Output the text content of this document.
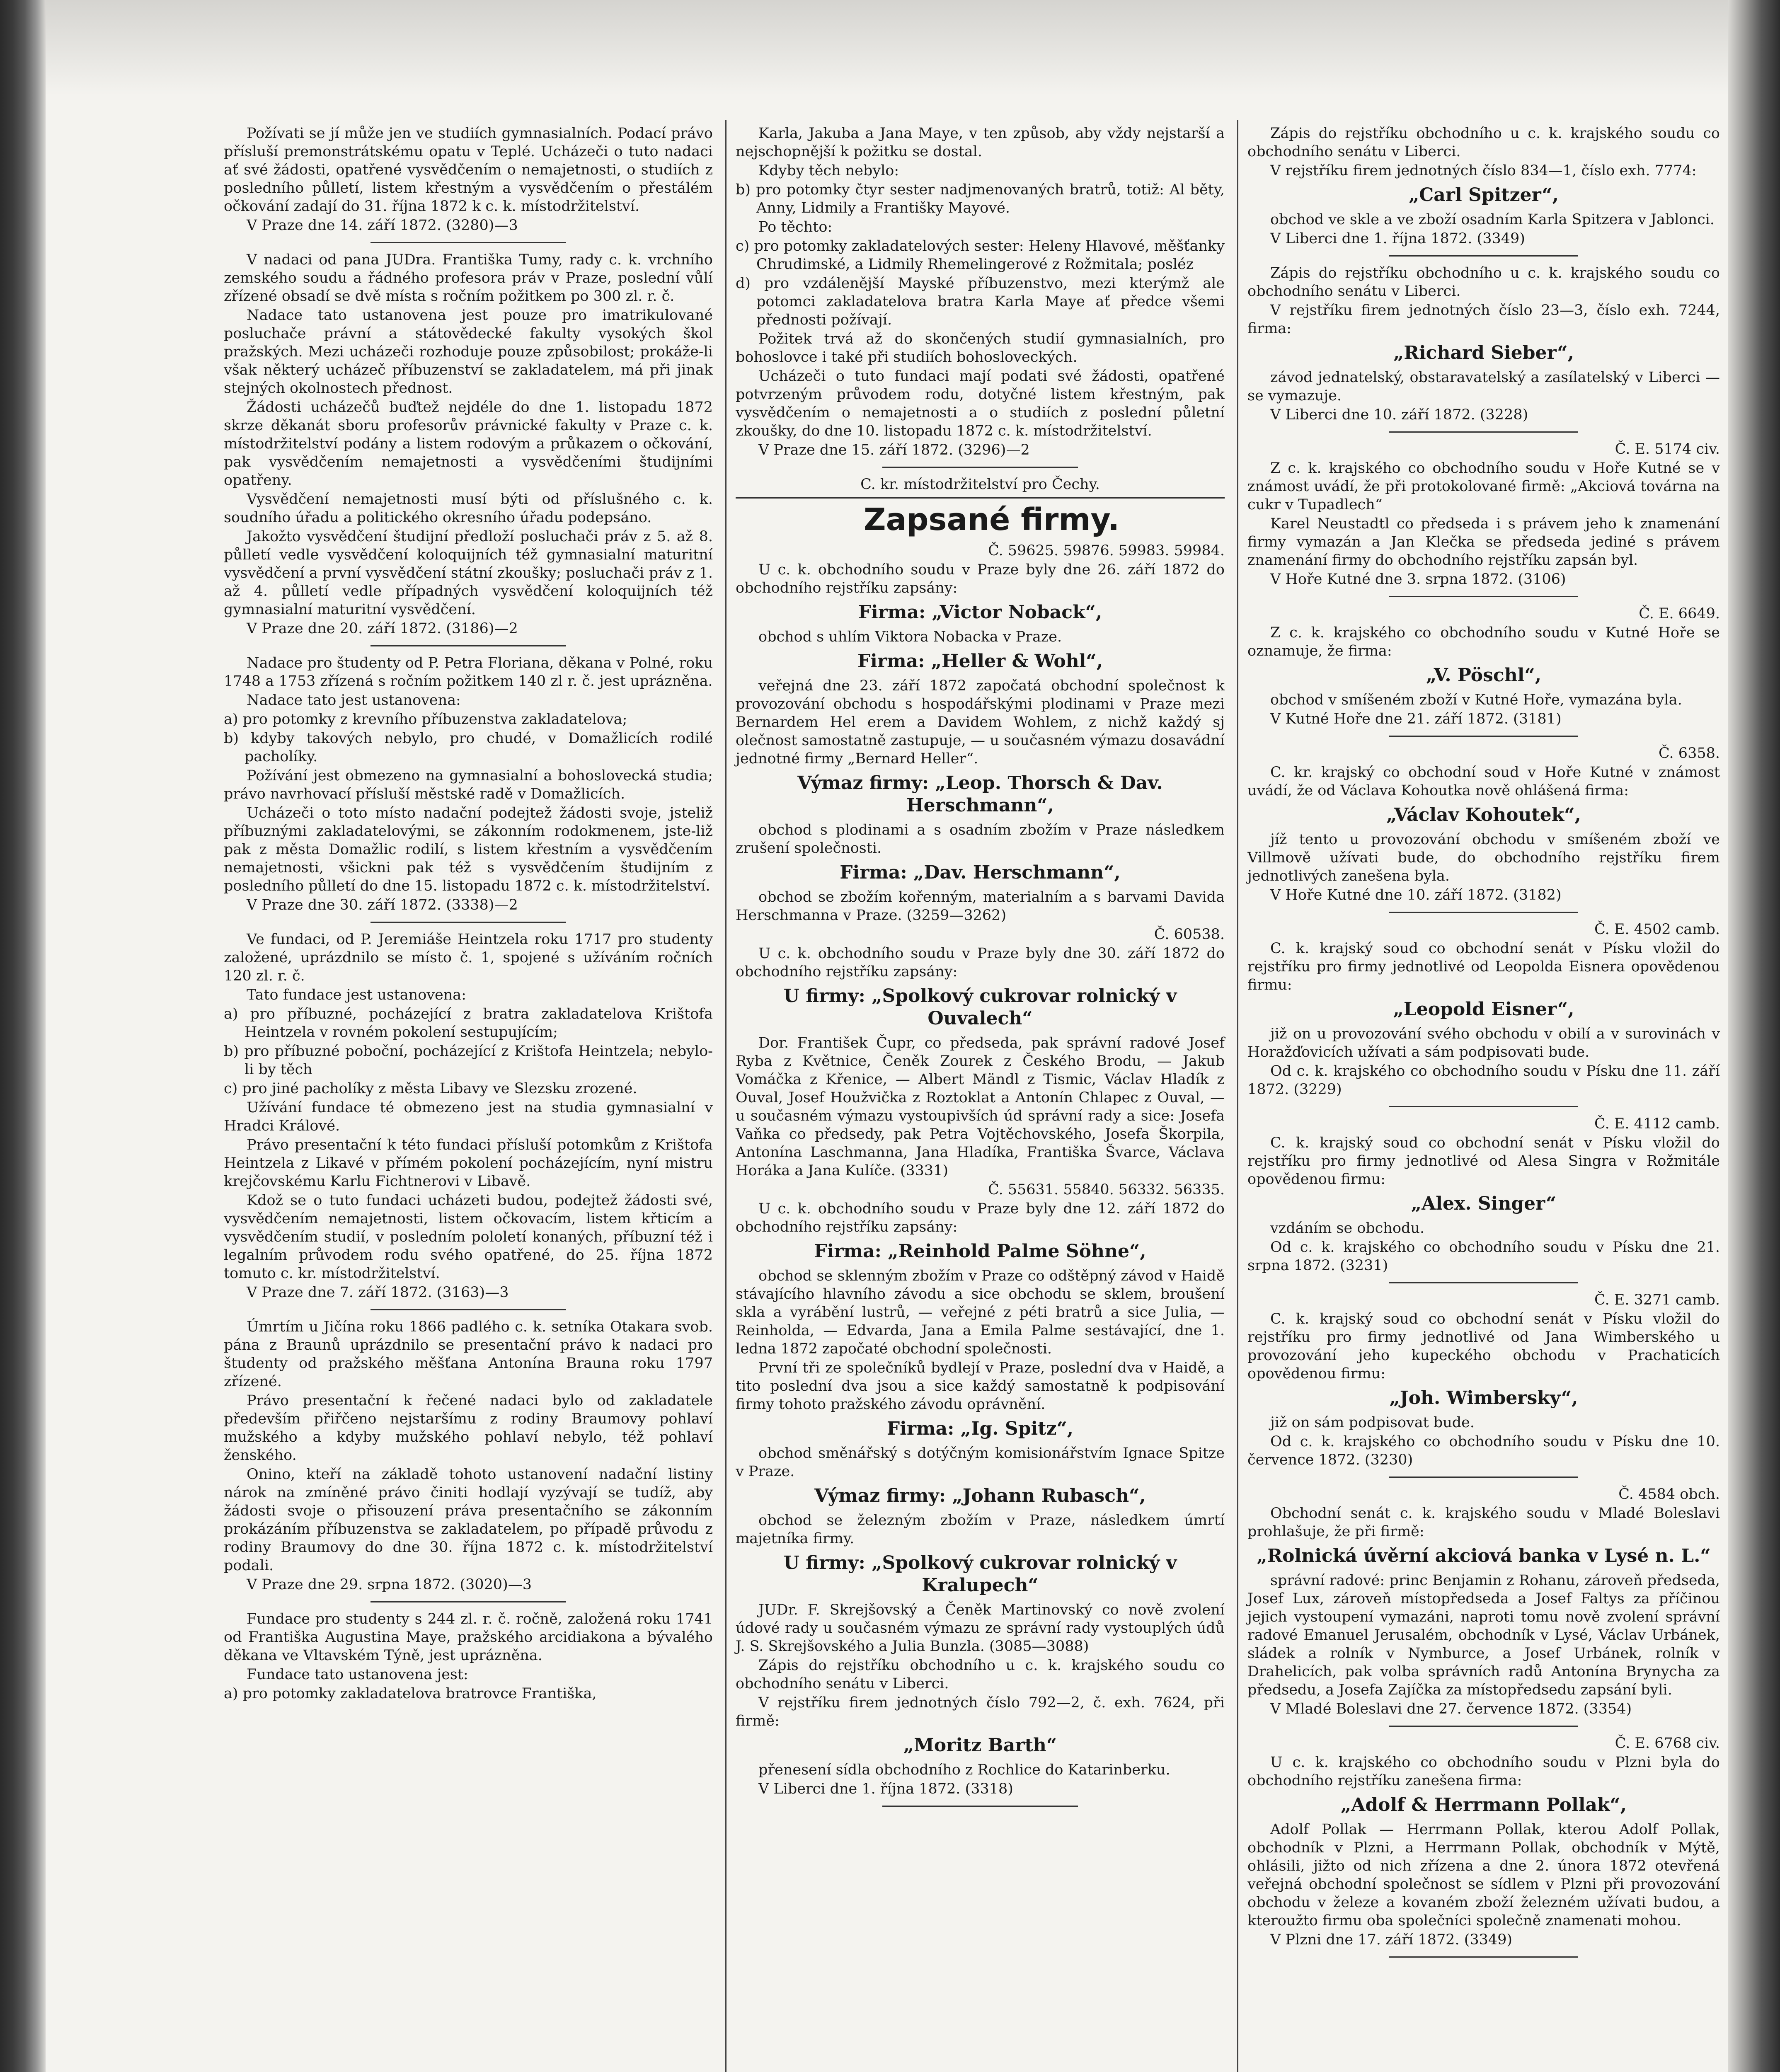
Požívati se jí může jen ve studiích gymnasialních. Podací právo přísluší premonstrátskému opatu v Teplé. Ucházeči o tuto nadaci ať své žádosti, opatřené vysvědčením o nemajetnosti, o studiích z posledního půlletí, listem křestným a vysvědčením o přestálém očkování zadají do 31. října 1872 k c. k. místodržitelství.

V Praze dne 14. září 1872. (3280)—3

V nadaci od pana JUDra. Františka Tumy, rady c. k. vrchního zemského soudu a řádného profesora práv v Praze, poslední vůlí zřízené obsadí se dvě místa s ročním požitkem po 300 zl. r. č.

Nadace tato ustanovena jest pouze pro imatrikulované posluchače právní a státovědecké fakulty vysokých škol pražských. Mezi ucházeči rozhoduje pouze způsobilost; prokáže-li však některý ucházeč příbuzenství se zakladatelem, má při jinak stejných okolnostech přednost.

Žádosti ucházečů buďtež nejdéle do dne 1. listopadu 1872 skrze děkanát sboru profesorův právnické fakulty v Praze c. k. místodržitelství podány a listem rodovým a průkazem o očkování, pak vysvědčením nemajetnosti a vysvědčeními študijními opatřeny.

Vysvědčení nemajetnosti musí býti od příslušného c. k. soudního úřadu a politického okresního úřadu podepsáno.

Jakožto vysvědčení študijní předloží posluchači práv z 5. až 8. půlletí vedle vysvědčení koloquijních též gymnasialní maturitní vysvědčení a první vysvědčení státní zkoušky; posluchači práv z 1. až 4. půlletí vedle případných vysvědčení koloquijních též gymnasialní maturitní vysvědčení.

V Praze dne 20. září 1872. (3186)—2

Nadace pro študenty od P. Petra Floriana, děkana v Polné, roku 1748 a 1753 zřízená s ročním požitkem 140 zl r. č. jest uprázněna.

Nadace tato jest ustanovena:

a) pro potomky z krevního příbuzenstva zakladatelova;

b) kdyby takových nebylo, pro chudé, v Domažlicích rodilé pacholíky.

Požívání jest obmezeno na gymnasialní a bohoslovecká studia; právo navrhovací přísluší městské radě v Domažlicích.

Ucházeči o toto místo nadační podejtež žádosti svoje, jsteliž příbuznými zakladatelovými, se zákonním rodokmenem, jste-liž pak z města Domažlic rodilí, s listem křestním a vysvědčením nemajetnosti, všickni pak též s vysvědčením študijním z posledního půlletí do dne 15. listopadu 1872 c. k. místodržitelství.

V Praze dne 30. září 1872. (3338)—2

Ve fundaci, od P. Jeremiáše Heintzela roku 1717 pro studenty založené, uprázdnilo se místo č. 1, spojené s užíváním ročních 120 zl. r. č.

Tato fundace jest ustanovena:

a) pro příbuzné, pocházející z bratra zakladatelova Krištofa Heintzela v rovném pokolení sestupujícím;

b) pro příbuzné poboční, pocházející z Krištofa Heintzela; nebylo-li by těch

c) pro jiné pacholíky z města Libavy ve Slezsku zrozené.

Užívání fundace té obmezeno jest na studia gymnasialní v Hradci Králové.

Právo presentační k této fundaci přísluší potomkům z Krištofa Heintzela z Likavé v přímém pokolení pocházejícím, nyní mistru krejčovskému Karlu Fichtnerovi v Libavě.

Kdož se o tuto fundaci ucházeti budou, podejtež žádosti své, vysvědčením nemajetnosti, listem očkovacím, listem křticím a vysvědčením studií, v posledním pololetí konaných, příbuzní též i legalním průvodem rodu svého opatřené, do 25. října 1872 tomuto c. kr. místodržitelství.

V Praze dne 7. září 1872. (3163)—3

Úmrtím u Jičína roku 1866 padlého c. k. setníka Otakara svob. pána z Braunů uprázdnilo se presentační právo k nadaci pro študenty od pražského měšťana Antonína Brauna roku 1797 zřízené.

Právo presentační k řečené nadaci bylo od zakladatele především přiřčeno nejstaršímu z rodiny Braumovy pohlaví mužského a kdyby mužského pohlaví nebylo, též pohlaví ženského.

Onino, kteří na základě tohoto ustanovení nadační listiny nárok na zmíněné právo činiti hodlají vyzývají se tudíž, aby žádosti svoje o přisouzení práva presentačního se zákonním prokázáním příbuzenstva se zakladatelem, po případě průvodu z rodiny Braumovy do dne 30. října 1872 c. k. místodržitelství podali.

V Praze dne 29. srpna 1872. (3020)—3

Fundace pro studenty s 244 zl. r. č. ročně, založená roku 1741 od Františka Augustina Maye, pražského arcidiakona a bývalého děkana ve Vltavském Týně, jest uprázněna.

Fundace tato ustanovena jest:

a) pro potomky zakladatelova bratrovce Františka,

Karla, Jakuba a Jana Maye, v ten způsob, aby vždy nejstarší a nejschopnější k požitku se dostal.

Kdyby těch nebylo:

b) pro potomky čtyr sester nadjmenovaných bratrů, totiž: Al běty, Anny, Lidmily a Františky Mayové.

Po těchto:

c) pro potomky zakladatelových sester: Heleny Hlavové, měšťanky Chrudimské, a Lidmily Rhemelingerové z Rožmitala; posléz

d) pro vzdálenější Mayské příbuzenstvo, mezi kterýmž ale potomci zakladatelova bratra Karla Maye ať předce všemi přednosti požívají.

Požitek trvá až do skončených studií gymnasialních, pro bohoslovce i také při studiích bohosloveckých.

Ucházeči o tuto fundaci mají podati své žádosti, opatřené potvrzeným průvodem rodu, dotyčné listem křestným, pak vysvědčením o nemajetnosti a o studiích z poslední půletní zkoušky, do dne 10. listopadu 1872 c. k. místodržitelství.

V Praze dne 15. září 1872. (3296)—2

C. kr. místodržitelství pro Čechy.

Zapsané firmy.

Č. 59625. 59876. 59983. 59984.

U c. k. obchodního soudu v Praze byly dne 26. září 1872 do obchodního rejstříku zapsány:

Firma: „Victor Noback“,

obchod s uhlím Viktora Nobacka v Praze.

Firma: „Heller & Wohl“,

veřejná dne 23. září 1872 započatá obchodní společnost k provozování obchodu s hospodářskými plodinami v Praze mezi Bernardem Hel erem a Davidem Wohlem, z nichž každý sj olečnost samostatně zastupuje, — u současném výmazu dosavádní jednotné firmy „Bernard Heller“.

Výmaz firmy: „Leop. Thorsch & Dav. Herschmann“,

obchod s plodinami a s osadním zbožím v Praze následkem zrušení společnosti.

Firma: „Dav. Herschmann“,

obchod se zbožím kořenným, materialním a s barvami Davida Herschmanna v Praze. (3259—3262)

Č. 60538.

U c. k. obchodního soudu v Praze byly dne 30. září 1872 do obchodního rejstříku zapsány:

U firmy: „Spolkový cukrovar rolnický v Ouvalech“

Dor. František Čupr, co předseda, pak správní radové Josef Ryba z Květnice, Čeněk Zourek z Českého Brodu, — Jakub Vomáčka z Křenice, — Albert Mändl z Tismic, Václav Hladík z Ouval, Josef Houžvička z Roztoklat a Antonín Chlapec z Ouval, — u současném výmazu vystoupivších úd správní rady a sice: Josefa Vaňka co předsedy, pak Petra Vojtěchovského, Josefa Škorpila, Antonína Laschmanna, Jana Hladíka, Františka Švarce, Václava Horáka a Jana Kulíče. (3331)

Č. 55631. 55840. 56332. 56335.

U c. k. obchodního soudu v Praze byly dne 12. září 1872 do obchodního rejstříku zapsány:

Firma: „Reinhold Palme Söhne“,

obchod se sklenným zbožím v Praze co odštěpný závod v Haidě stávajícího hlavního závodu a sice obchodu se sklem, broušení skla a vyrábění lustrů, — veřejné z péti bratrů a sice Julia, — Reinholda, — Edvarda, Jana a Emila Palme sestávající, dne 1. ledna 1872 započaté obchodní společnosti.

První tři ze společníků bydlejí v Praze, poslední dva v Haidě, a tito poslední dva jsou a sice každý samostatně k podpisování firmy tohoto pražského závodu oprávnění.

Firma: „Ig. Spitz“,

obchod směnářský s dotýčným komisionářstvím Ignace Spitze v Praze.

Výmaz firmy: „Johann Rubasch“,

obchod se železným zbožím v Praze, následkem úmrtí majetníka firmy.

U firmy: „Spolkový cukrovar rolnický v Kralupech“

JUDr. F. Skrejšovský a Čeněk Martinovský co nově zvolení údové rady u současném výmazu ze správní rady vystouplých údů J. S. Skrejšovského a Julia Bunzla. (3085—3088)

Zápis do rejstříku obchodního u c. k. krajského soudu co obchodního senátu v Liberci.

V rejstříku firem jednotných číslo 792—2, č. exh. 7624, při firmě:

„Moritz Barth“

přenesení sídla obchodního z Rochlice do Katarinberku.

V Liberci dne 1. října 1872. (3318)

Zápis do rejstříku obchodního u c. k. krajského soudu co obchodního senátu v Liberci.

V rejstříku firem jednotných číslo 834—1, číslo exh. 7774:

„Carl Spitzer“,

obchod ve skle a ve zboží osadním Karla Spitzera v Jablonci.

V Liberci dne 1. října 1872. (3349)

Zápis do rejstříku obchodního u c. k. krajského soudu co obchodního senátu v Liberci.

V rejstříku firem jednotných číslo 23—3, číslo exh. 7244, firma:

„Richard Sieber“,

závod jednatelský, obstaravatelský a zasílatelský v Liberci — se vymazuje.

V Liberci dne 10. září 1872. (3228)

Č. E. 5174 civ.

Z c. k. krajského co obchodního soudu v Hoře Kutné se v známost uvádí, že při protokolované firmě: „Akciová továrna na cukr v Tupadlech“

Karel Neustadtl co předseda i s právem jeho k znamenání firmy vymazán a Jan Klečka se předseda jediné s právem znamenání firmy do obchodního rejstříku zapsán byl.

V Hoře Kutné dne 3. srpna 1872. (3106)

Č. E. 6649.

Z c. k. krajského co obchodního soudu v Kutné Hoře se oznamuje, že firma:

„V. Pöschl“,

obchod v smíšeném zboží v Kutné Hoře, vymazána byla.

V Kutné Hoře dne 21. září 1872. (3181)

Č. 6358.

C. kr. krajský co obchodní soud v Hoře Kutné v známost uvádí, že od Václava Kohoutka nově ohlášená firma:

„Václav Kohoutek“,

jíž tento u provozování obchodu v smíšeném zboží ve Villmově užívati bude, do obchodního rejstříku firem jednotlivých zanešena byla.

V Hoře Kutné dne 10. září 1872. (3182)

Č. E. 4502 camb.

C. k. krajský soud co obchodní senát v Písku vložil do rejstříku pro firmy jednotlivé od Leopolda Eisnera opovědenou firmu:

„Leopold Eisner“,

již on u provozování svého obchodu v obilí a v surovinách v Horažďovicích užívati a sám podpisovati bude.

Od c. k. krajského co obchodního soudu v Písku dne 11. září 1872. (3229)

Č. E. 4112 camb.

C. k. krajský soud co obchodní senát v Písku vložil do rejstříku pro firmy jednotlivé od Alesa Singra v Rožmitále opovědenou firmu:

„Alex. Singer“

vzdáním se obchodu.

Od c. k. krajského co obchodního soudu v Písku dne 21. srpna 1872. (3231)

Č. E. 3271 camb.

C. k. krajský soud co obchodní senát v Písku vložil do rejstříku pro firmy jednotlivé od Jana Wimberského u provozování jeho kupeckého obchodu v Prachaticích opovědenou firmu:

„Joh. Wimbersky“,

již on sám podpisovat bude.

Od c. k. krajského co obchodního soudu v Písku dne 10. července 1872. (3230)

Č. 4584 obch.

Obchodní senát c. k. krajského soudu v Mladé Boleslavi prohlašuje, že při firmě:

„Rolnická úvěrní akciová banka v Lysé n. L.“

správní radové: princ Benjamin z Rohanu, zároveň předseda, Josef Lux, zároveň místopředseda a Josef Faltys za příčinou jejich vystoupení vymazáni, naproti tomu nově zvolení správní radové Emanuel Jerusalém, obchodník v Lysé, Václav Urbánek, sládek a rolník v Nymburce, a Josef Urbánek, rolník v Drahelicích, pak volba správních radů Antonína Brynycha za předsedu, a Josefa Zajíčka za místopředsedu zapsání byli.

V Mladé Boleslavi dne 27. července 1872. (3354)

Č. E. 6768 civ.

U c. k. krajského co obchodního soudu v Plzni byla do obchodního rejstříku zanešena firma:

„Adolf & Herrmann Pollak“,

Adolf Pollak — Herrmann Pollak, kterou Adolf Pollak, obchodník v Plzni, a Herrmann Pollak, obchodník v Mýtě, ohlásili, jižto od nich zřízena a dne 2. února 1872 otevřená veřejná obchodní společnost se sídlem v Plzni při provozování obchodu v železe a kovaném zboží železném užívati budou, a kteroužto firmu oba společníci společně znamenati mohou.

V Plzni dne 17. září 1872. (3349)
